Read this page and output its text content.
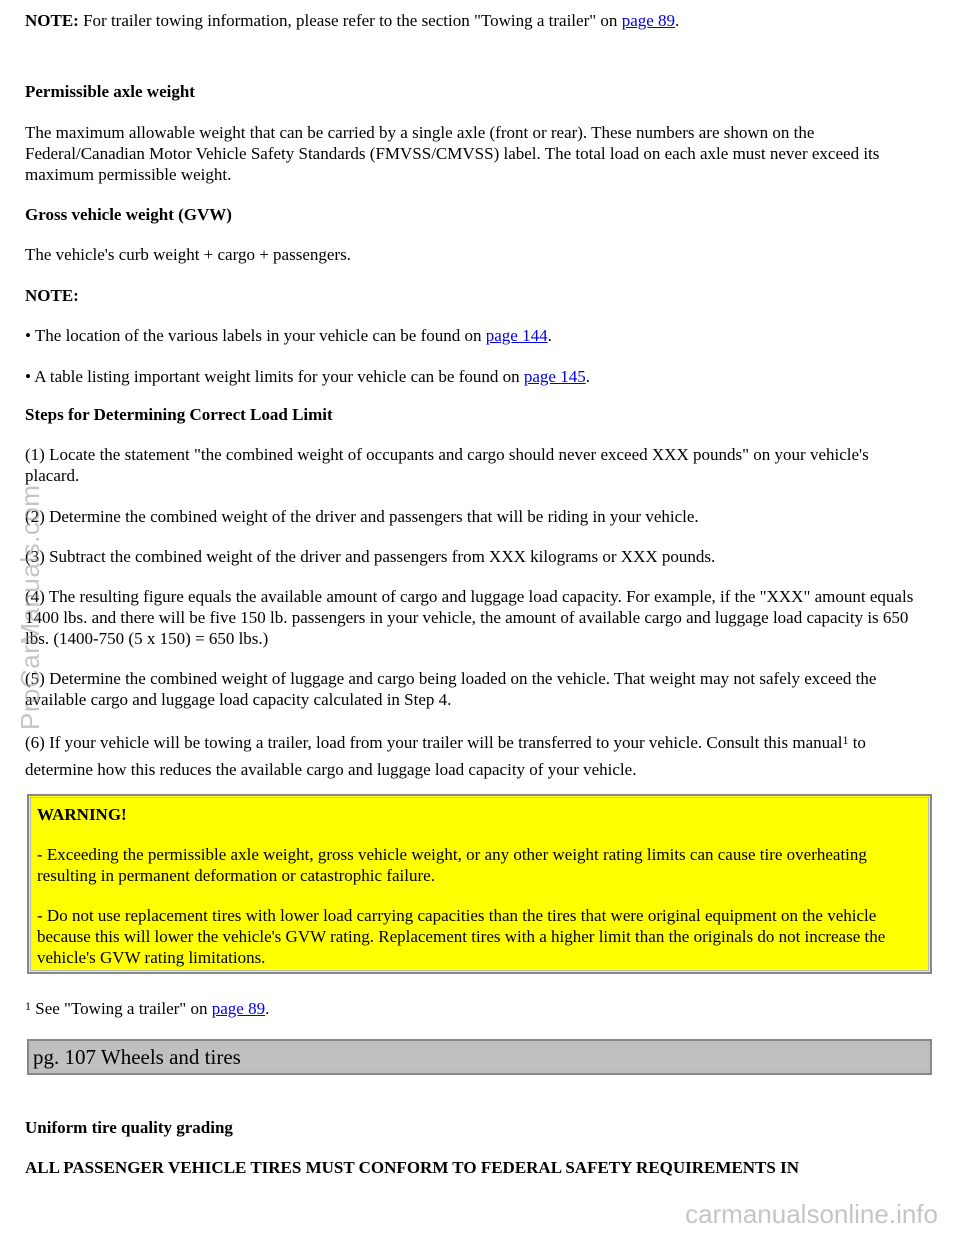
NOTE: For trailer towing information, please refer to the section "Towing a trailer" on page 89.

Permissible axle weight

The maximum allowable weight that can be carried by a single axle (front or rear). These numbers are shown on the Federal/Canadian Motor Vehicle Safety Standards (FMVSS/CMVSS) label. The total load on each axle must never exceed its maximum permissible weight.

Gross vehicle weight (GVW)

The vehicle's curb weight + cargo + passengers.

NOTE:

• The location of the various labels in your vehicle can be found on page 144.

• A table listing important weight limits for your vehicle can be found on page 145.

Steps for Determining Correct Load Limit

(1) Locate the statement "the combined weight of occupants and cargo should never exceed XXX pounds" on your vehicle's placard.

(2) Determine the combined weight of the driver and passengers that will be riding in your vehicle.

(3) Subtract the combined weight of the driver and passengers from XXX kilograms or XXX pounds.

(4) The resulting figure equals the available amount of cargo and luggage load capacity. For example, if the "XXX" amount equals 1400 lbs. and there will be five 150 lb. passengers in your vehicle, the amount of available cargo and luggage load capacity is 650 lbs. (1400-750 (5 x 150) = 650 lbs.)

(5) Determine the combined weight of luggage and cargo being loaded on the vehicle. That weight may not safely exceed the available cargo and luggage load capacity calculated in Step 4.

(6) If your vehicle will be towing a trailer, load from your trailer will be transferred to your vehicle. Consult this manual$^1$ to determine how this reduces the available cargo and luggage load capacity of your vehicle.

WARNING!

- Exceeding the permissible axle weight, gross vehicle weight, or any other weight rating limits can cause tire overheating resulting in permanent deformation or catastrophic failure.

- Do not use replacement tires with lower load carrying capacities than the tires that were original equipment on the vehicle because this will lower the vehicle's GVW rating. Replacement tires with a higher limit than the originals do not increase the vehicle's GVW rating limitations.

$^1$ See "Towing a trailer" on page 89.

pg. 107 Wheels and tires

Uniform tire quality grading

ALL PASSENGER VEHICLE TIRES MUST CONFORM TO FEDERAL SAFETY REQUIREMENTS IN

ProCarManuals.com
carmanualsonline.info
